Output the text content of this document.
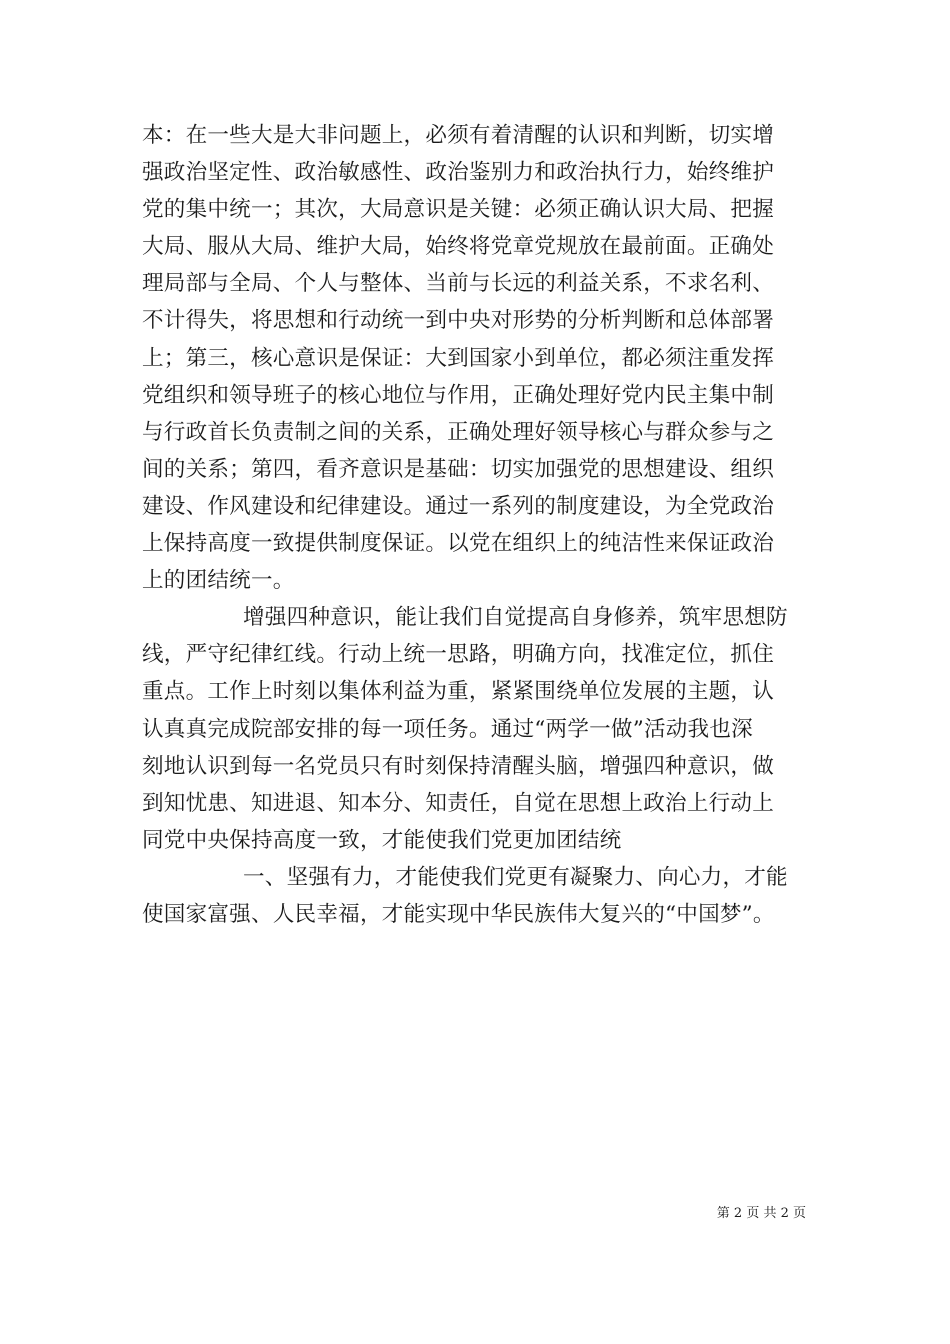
本：在一些大是大非问题上，必须有着清醒的认识和判断，切实增
强政治坚定性、政治敏感性、政治鉴别力和政治执行力，始终维护
党的集中统一；其次，大局意识是关键：必须正确认识大局、把握
大局、服从大局、维护大局，始终将党章党规放在最前面。正确处
理局部与全局、个人与整体、当前与长远的利益关系，不求名利、
不计得失，将思想和行动统一到中央对形势的分析判断和总体部署
上；第三，核心意识是保证：大到国家小到单位，都必须注重发挥
党组织和领导班子的核心地位与作用，正确处理好党内民主集中制
与行政首长负责制之间的关系，正确处理好领导核心与群众参与之
间的关系；第四，看齐意识是基础：切实加强党的思想建设、组织
建设、作风建设和纪律建设。通过一系列的制度建设，为全党政治
上保持高度一致提供制度保证。以党在组织上的纯洁性来保证政治
上的团结统一。
增强四种意识，能让我们自觉提高自身修养，筑牢思想防
线，严守纪律红线。行动上统一思路，明确方向，找准定位，抓住
重点。工作上时刻以集体利益为重，紧紧围绕单位发展的主题，认
认真真完成院部安排的每一项任务。通过“两学一做”活动我也深
刻地认识到每一名党员只有时刻保持清醒头脑，增强四种意识，做
到知忧患、知进退、知本分、知责任，自觉在思想上政治上行动上
同党中央保持高度一致，才能使我们党更加团结统
一、坚强有力，才能使我们党更有凝聚力、向心力，才能
使国家富强、人民幸福，才能实现中华民族伟大复兴的“中国梦”。
第 2 页 共 2 页
